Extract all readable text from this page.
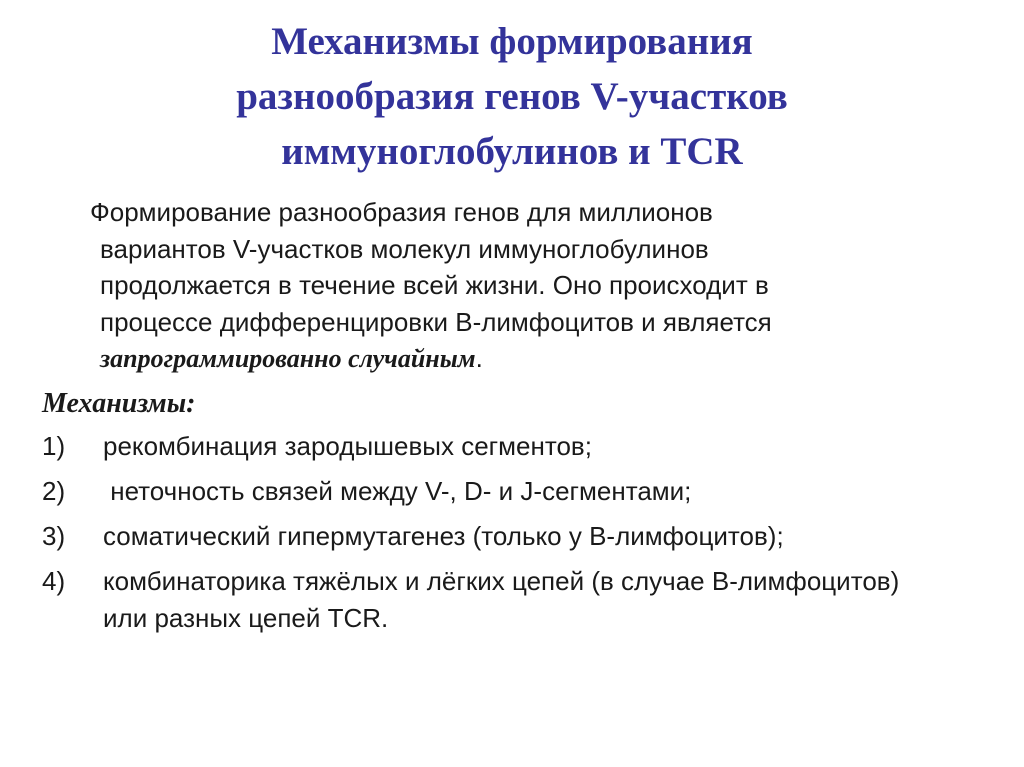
Механизмы формирования
разнообразия генов V-участков
иммуноглобулинов и TCR
Формирование разнообразия генов для миллионов
вариантов V-участков молекул иммуноглобулинов
продолжается в течение всей жизни. Оно происходит в
процессе дифференцировки B-лимфоцитов и является
запрограммированно случайным.
Механизмы:
1) рекомбинация зародышевых сегментов;
2) неточность связей между V-, D- и J-сегментами;
3) соматический гипермутагенез (только у B-лимфоцитов);
4) комбинаторика тяжёлых и лёгких цепей (в случае B-лимфоцитов) или разных цепей TCR.
